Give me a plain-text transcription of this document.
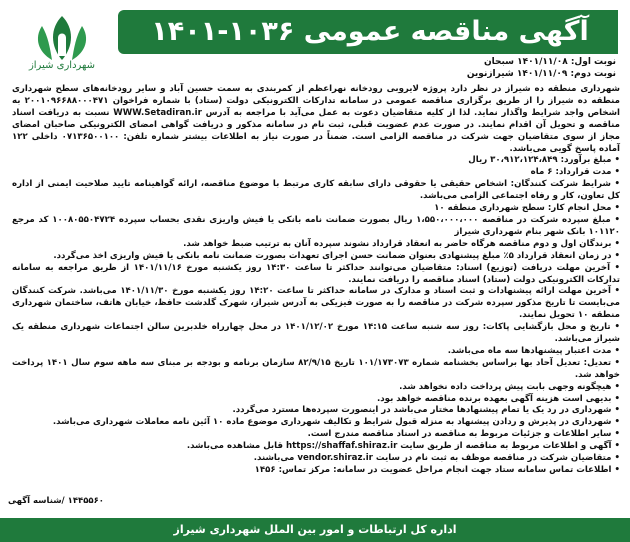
آگهی مناقصه عمومی ۱۰۳۶-۱۴۰۱
شهرداری شیراز	نوبت اول: ۱۴۰۱/۱۱/۰۸ سبحان
نوبت دوم: ۱۴۰۱/۱۱/۰۹ شیرازنوین

شهرداری منطقه ده شیراز در نظر دارد پروژه لایروبی رودخانه نهراعظم از کمربندی به سمت حسین آباد و سایر رودخانه‌های سطح شهرداری منطقه ده شیراز را از طریق برگزاری مناقصه عمومی در سامانه تدارکات الکترونیکی دولت (ستاد) با شماره فراخوان ۲۰۰۱۰۹۶۶۸۸۰۰۰۴۷۱ به اشخاص واجد شرایط واگذار نماید. لذا از کلیه متقاضیان دعوت به عمل می‌آید با مراجعه به آدرس WWW.Setadiran.ir نسبت به دریافت اسناد مناقصه و تحویل آن اقدام نمایند. در صورت عدم عضویت قبلی، ثبت نام در سامانه مذکور و دریافت گواهی امضای الکترونیکی صاحبان امضای مجاز از سوی متقاضیان جهت شرکت در مناقصه الزامی است. ضمناً در صورت نیاز به اطلاعات بیشتر شماره تلفن: ۰۷۱۳۶۵۰۰۱۰۰ داخلی ۱۲۲ آماده پاسخ گویی می‌باشد.

• مبلغ برآورد: ۳۰،۹۱۲،۱۲۴،۸۴۹ ریال

• مدت قرارداد: ۶ ماه

• شرایط شرکت کنندگان: اشخاص حقیقی یا حقوقی دارای سابقه کاری مرتبط با موضوع مناقصه، ارائه گواهینامه تایید صلاحیت ایمنی از اداره کل تعاون، کار و رفاه اجتماعی الزامی می‌باشد.

• محل انجام کار: سطح شهرداری منطقه ۱۰

• مبلغ سپرده شرکت در مناقصه ۱،۵۵۰،۰۰۰،۰۰۰ ریال بصورت ضمانت نامه بانکی یا فیش واریزی نقدی بحساب سپرده ۱۰۰۸۰۵۵۰۴۷۲۴ کد مرجع ۱۰۱۱۲۰ بانک شهر بنام شهرداری شیراز

• برندگان اول و دوم مناقصه هرگاه حاضر به انعقاد قرارداد نشوند سپرده آنان به ترتیب ضبط خواهد شد.

• در زمان انعقاد قرارداد ۵٪ مبلغ پیشنهادی بعنوان ضمانت حسن اجرای تعهدات بصورت ضمانت نامه بانکی یا فیش واریزی اخذ می‌گردد.

• آخرین مهلت دریافت (توزیع) اسناد: متقاضیان می‌توانند حداکثر تا ساعت ۱۴:۳۰ روز یکشنبه مورخ ۱۴۰۱/۱۱/۱۶ از طریق مراجعه به سامانه تدارکات الکترونیکی دولت (ستاد) اسناد مناقصه را دریافت نمایند.

• آخرین مهلت ارائه پیشنهادات و ثبت اسناد و مدارک در سامانه حداکثر تا ساعت ۱۴:۲۰ روز یکشنبه مورخ ۱۴۰۱/۱۱/۳۰ می‌باشد. شرکت کنندگان می‌بایست تا تاریخ مذکور سپرده شرکت در مناقصه را به صورت فیزیکی به آدرس شیراز، شهرک گلدشت حافظ، خیابان هاتف، ساختمان شهرداری منطقه ۱۰ تحویل نمایند.

• تاریخ و محل بازگشایی پاکات: روز سه شنبه ساعت ۱۴:۱۵ مورخ ۱۴۰۱/۱۲/۰۲ در محل چهارراه خلدبرین سالن اجتماعات شهرداری منطقه یک شیراز می‌باشد.

• مدت اعتبار پیشنهادها سه ماه می‌باشد.

• تعدیل: تعدیل آحاد بها براساس بخشنامه شماره ۱۰۱/۱۷۳۰۷۳ تاریخ ۸۲/۹/۱۵ سازمان برنامه و بودجه بر مبنای سه ماهه سوم سال ۱۴۰۱ پرداخت خواهد شد.

• هیچگونه وجهی بابت پیش پرداخت داده نخواهد شد.

• بدیهی است هزینه آگهی بعهده برنده مناقصه خواهد بود.

• شهرداری در رد یک یا تمام پیشنهادها مختار می‌باشد در اینصورت سپرده‌ها مسترد می‌گردد.

• شهرداری در پذیرش و ردادن پیشنهاد به منزله قبول شرایط و تکالیف شهرداری موضوع ماده ۱۰ آئین نامه معاملات شهرداری می‌باشد.

• سایر اطلاعات و جزئیات مربوط به مناقصه در اسناد مناقصه مندرج است.

• آگهی و اطلاعات مربوط به مناقصه از طریق سایت https://shaffaf.shiraz.ir قابل مشاهده می‌باشد.

• متقاضیان شرکت در مناقصه موظف به ثبت نام در سایت vendor.shiraz.ir می‌باشند.

• اطلاعات تماس سامانه ستاد جهت انجام مراحل عضویت در سامانه: مرکز تماس: ۱۴۵۶

۱۴۴۵۵۶۰ /شناسه آگهی
اداره کل ارتباطات و امور بین الملل شهرداری شیراز
